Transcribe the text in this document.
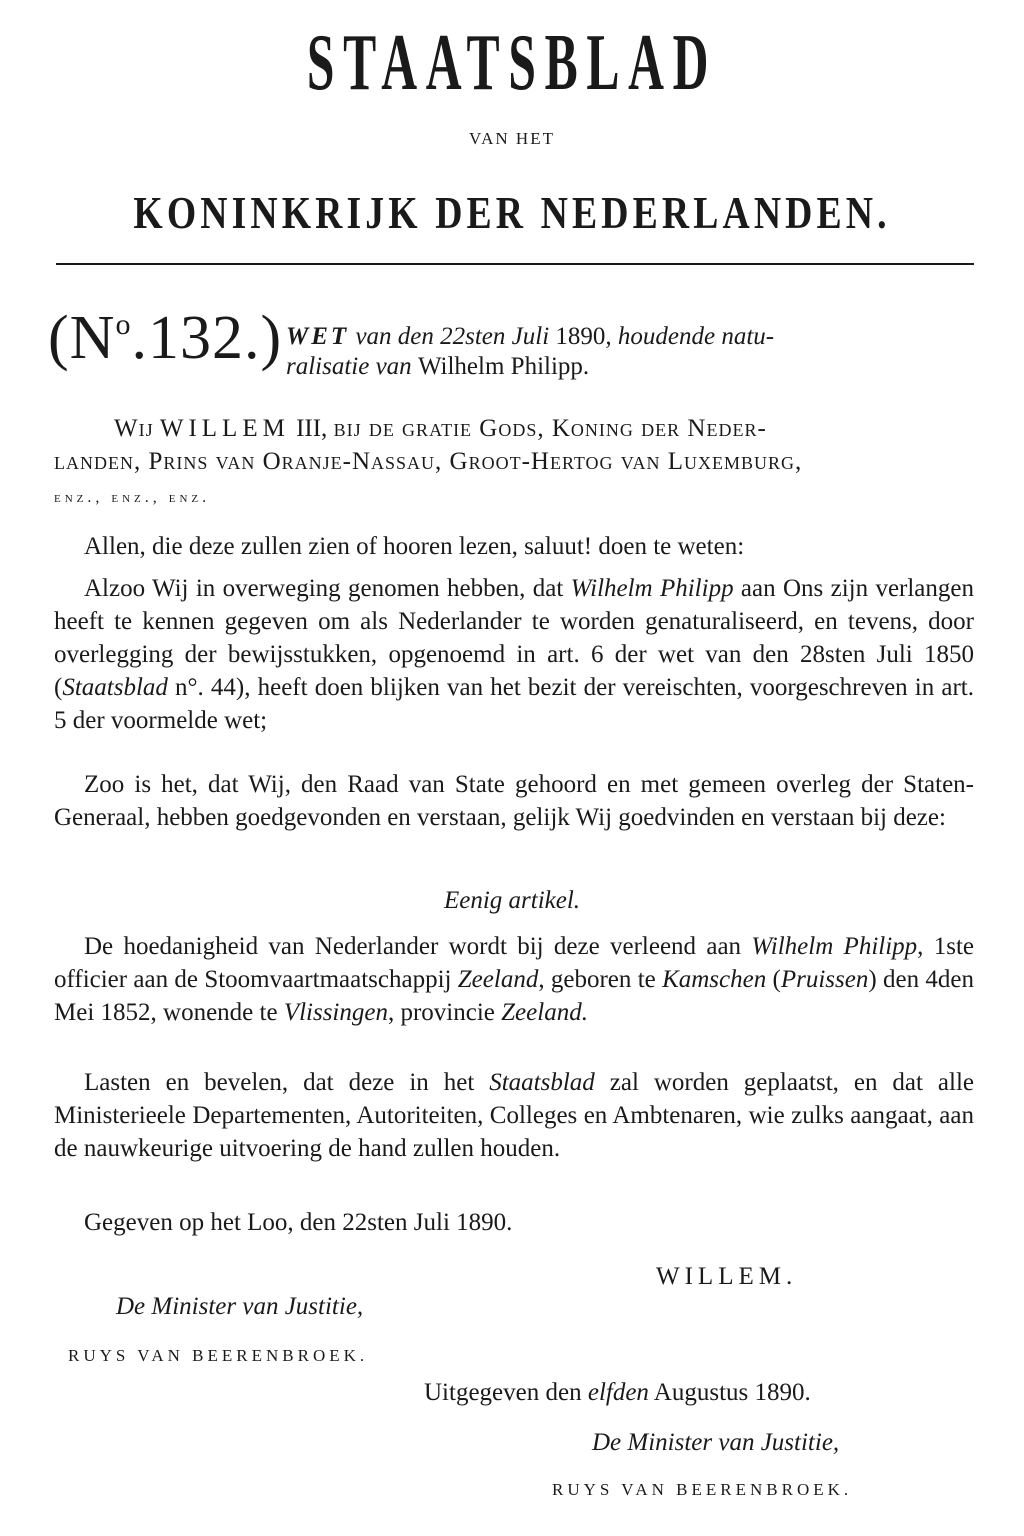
STAATSBLAD
VAN HET
KONINKRIJK DER NEDERLANDEN.
$(N^o.132.)$ WET van den 22sten Juli 1890, houdende natu-
ralisatie van Wilhelm Philipp.
Wij WILLEM III, bij de gratie Gods, Koning der Neder-
landen, Prins van Oranje-Nassau, Groot-Hertog van Luxemburg,
enz., enz., enz.
Allen, die deze zullen zien of hooren lezen, saluut! doen te weten:
Alzoo Wij in overweging genomen hebben, dat Wilhelm Philipp aan Ons zijn verlangen heeft te kennen gegeven om als Nederlander te worden genaturaliseerd, en tevens, door overlegging der bewijsstukken, opgenoemd in art. 6 der wet van den 28sten Juli 1850 (Staatsblad n°. 44), heeft doen blijken van het bezit der vereischten, voorgeschreven in art. 5 der voormelde wet;
Zoo is het, dat Wij, den Raad van State gehoord en met gemeen overleg der Staten-Generaal, hebben goedgevonden en verstaan, gelijk Wij goedvinden en verstaan bij deze:
Eenig artikel.
De hoedanigheid van Nederlander wordt bij deze verleend aan Wilhelm Philipp, 1ste officier aan de Stoomvaartmaatschappij Zeeland, geboren te Kamschen (Pruissen) den 4den Mei 1852, wonende te Vlissingen, provincie Zeeland.
Lasten en bevelen, dat deze in het Staatsblad zal worden geplaatst, en dat alle Ministerieele Departementen, Autoriteiten, Colleges en Ambtenaren, wie zulks aangaat, aan de nauwkeurige uitvoering de hand zullen houden.
Gegeven op het Loo, den 22sten Juli 1890.
WILLEM.
De Minister van Justitie,
RUYS VAN BEERENBROEK.
Uitgegeven den elfden Augustus 1890.
De Minister van Justitie,
RUYS VAN BEERENBROEK.
